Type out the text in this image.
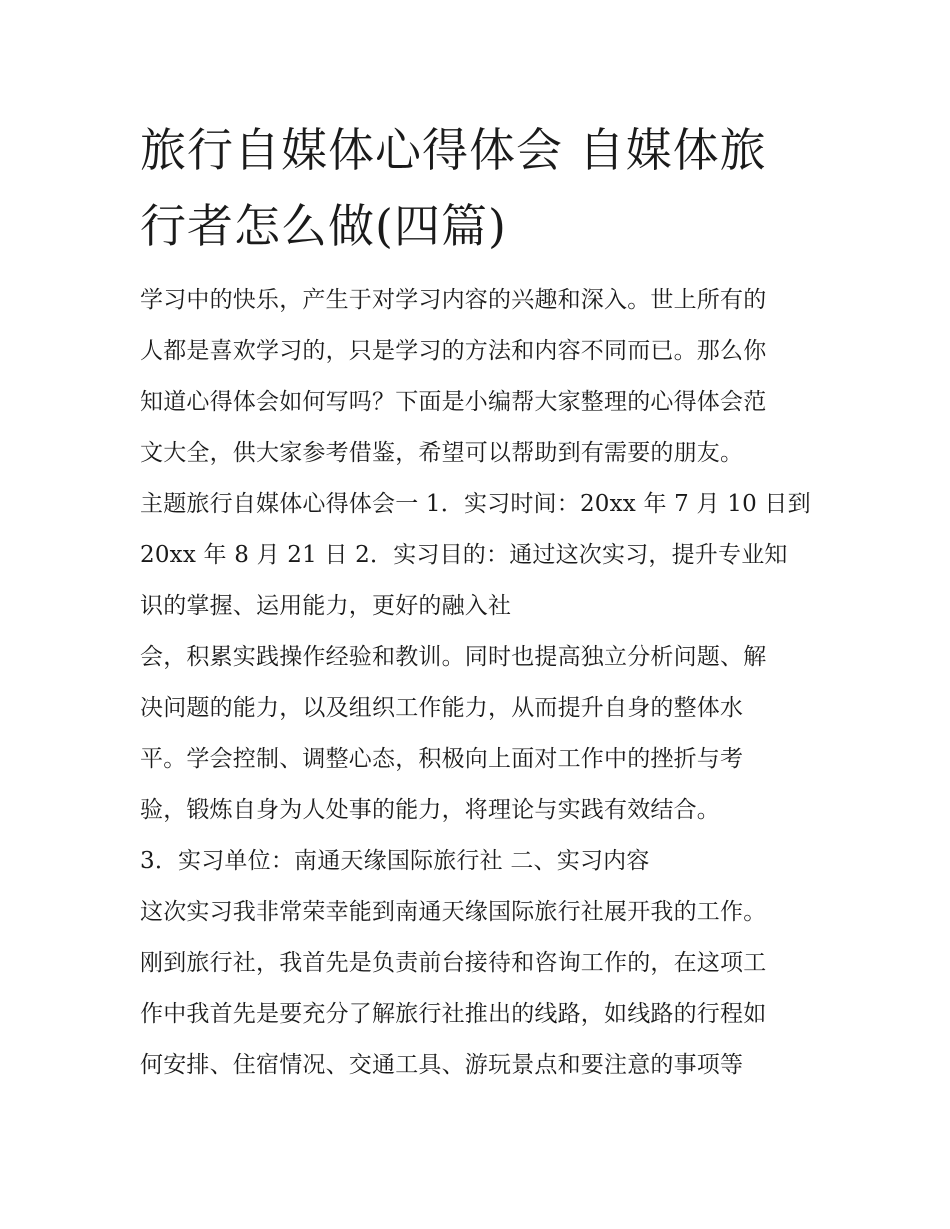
旅行自媒体心得体会 自媒体旅
行者怎么做(四篇)

学习中的快乐，产生于对学习内容的兴趣和深入。世上所有的

人都是喜欢学习的，只是学习的方法和内容不同而已。那么你

知道心得体会如何写吗？下面是小编帮大家整理的心得体会范

文大全，供大家参考借鉴，希望可以帮助到有需要的朋友。

主题旅行自媒体心得体会一 1．实习时间：20xx 年 7 月 10 日到

20xx 年 8 月 21 日 2．实习目的：通过这次实习，提升专业知

识的掌握、运用能力，更好的融入社

会，积累实践操作经验和教训。同时也提高独立分析问题、解

决问题的能力，以及组织工作能力，从而提升自身的整体水

平。学会控制、调整心态，积极向上面对工作中的挫折与考

验，锻炼自身为人处事的能力，将理论与实践有效结合。

3．实习单位：南通天缘国际旅行社 二、实习内容

这次实习我非常荣幸能到南通天缘国际旅行社展开我的工作。

刚到旅行社，我首先是负责前台接待和咨询工作的，在这项工

作中我首先是要充分了解旅行社推出的线路，如线路的行程如

何安排、住宿情况、交通工具、游玩景点和要注意的事项等
